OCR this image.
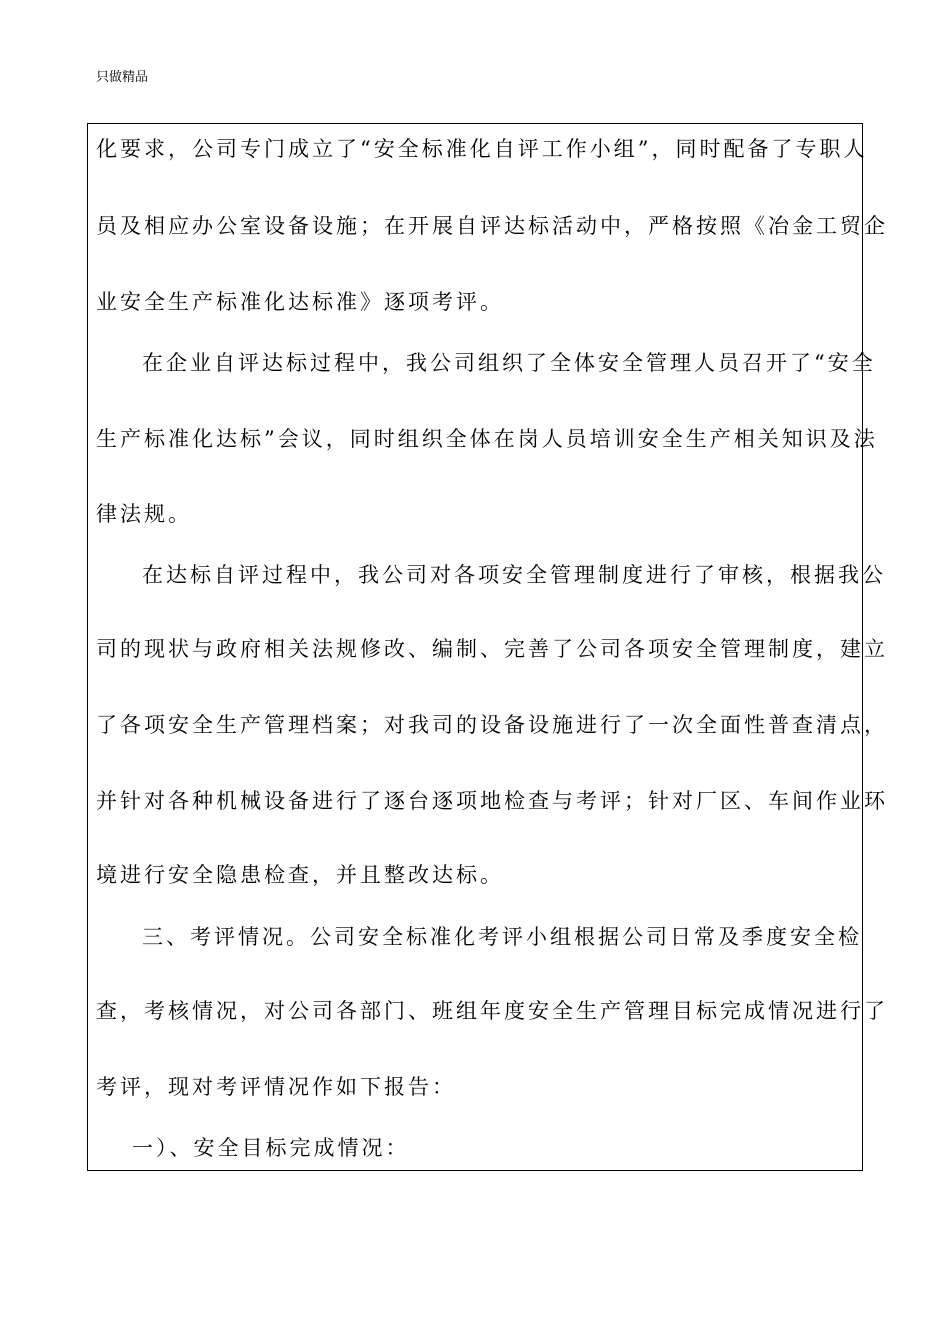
只做精品
化要求，公司专门成立了“安全标准化自评工作小组”，同时配备了专职人
员及相应办公室设备设施；在开展自评达标活动中，严格按照《冶金工贸企
业安全生产标准化达标准》逐项考评。
在企业自评达标过程中，我公司组织了全体安全管理人员召开了“安全
生产标准化达标”会议，同时组织全体在岗人员培训安全生产相关知识及法
律法规。
在达标自评过程中，我公司对各项安全管理制度进行了审核，根据我公
司的现状与政府相关法规修改、编制、完善了公司各项安全管理制度，建立
了各项安全生产管理档案；对我司的设备设施进行了一次全面性普查清点，
并针对各种机械设备进行了逐台逐项地检查与考评；针对厂区、车间作业环
境进行安全隐患检查，并且整改达标。
三、考评情况。公司安全标准化考评小组根据公司日常及季度安全检
查，考核情况，对公司各部门、班组年度安全生产管理目标完成情况进行了
考评，现对考评情况作如下报告：
一）、安全目标完成情况：
